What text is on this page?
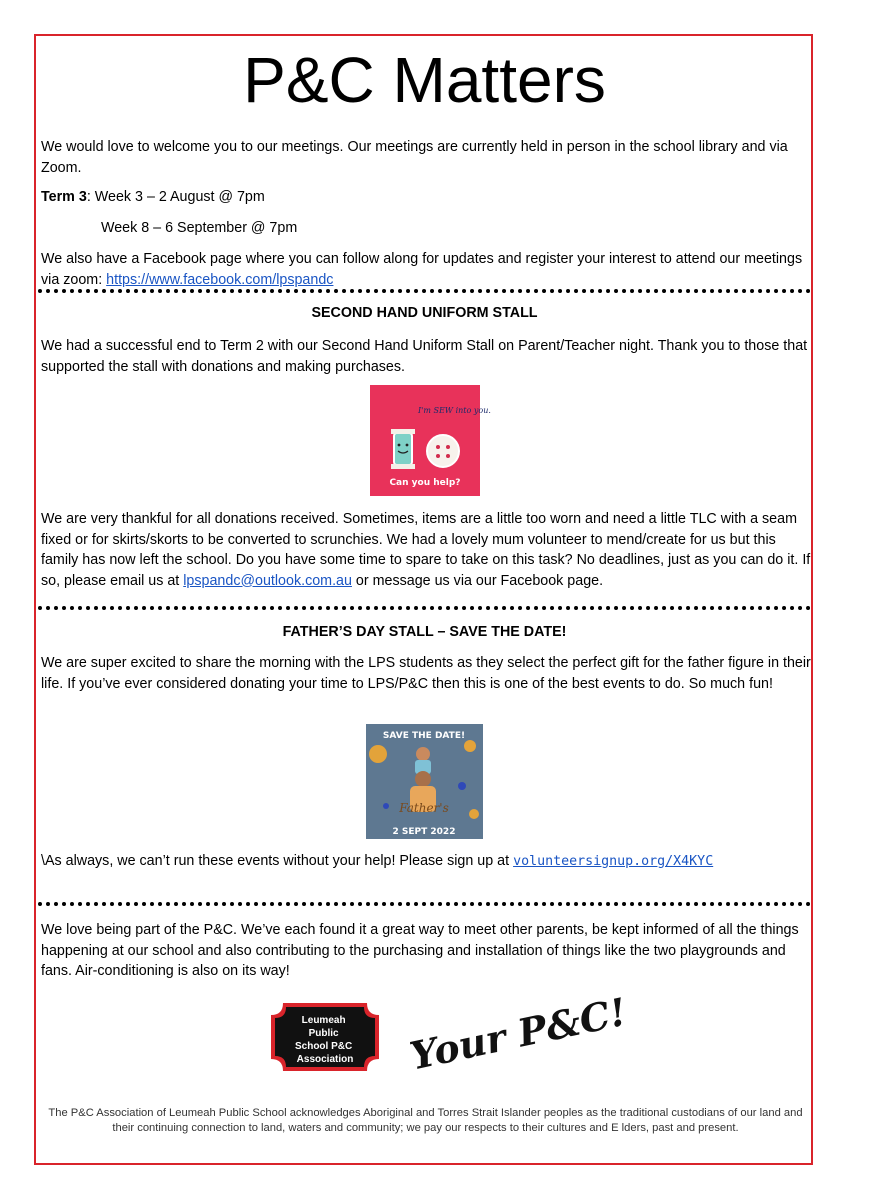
P&C Matters

We would love to welcome you to our meetings. Our meetings are currently held in person in the school library and via Zoom.

Term 3: Week 3 – 2 August @ 7pm

Week 8 – 6 September @ 7pm

We also have a Facebook page where you can follow along for updates and register your interest to attend our meetings via zoom: https://www.facebook.com/lpspandc

SECOND HAND UNIFORM STALL

We had a successful end to Term 2 with our Second Hand Uniform Stall on Parent/Teacher night. Thank you to those that supported the stall with donations and making purchases.

I'm SEW into you.
Can you help?

We are very thankful for all donations received. Sometimes, items are a little too worn and need a little TLC with a seam fixed or for skirts/skorts to be converted to scrunchies. We had a lovely mum volunteer to mend/create for us but this family has now left the school. Do you have some time to spare to take on this task? No deadlines, just as you can do it. If so, please email us at lpspandc@outlook.com.au or message us via our Facebook page.

FATHER’S DAY STALL – SAVE THE DATE!

We are super excited to share the morning with the LPS students as they select the perfect gift for the father figure in their life. If you’ve ever considered donating your time to LPS/P&C then this is one of the best events to do. So much fun!

SAVE THE DATE!
Father's
2 SEPT 2022

\As always, we can’t run these events without your help! Please sign up at volunteersignup.org/X4KYC

We love being part of the P&C. We’ve each found it a great way to meet other parents, be kept informed of all the things happening at our school and also contributing to the purchasing and installation of things like the two playgrounds and fans. Air-conditioning is also on its way!

Leumeah Public School P&C Association Your P&C!
The P&C Association of Leumeah Public School acknowledges Aboriginal and Torres Strait Islander peoples as the traditional custodians of our land and their continuing connection to land, waters and community; we pay our respects to their cultures and E lders, past and present.
